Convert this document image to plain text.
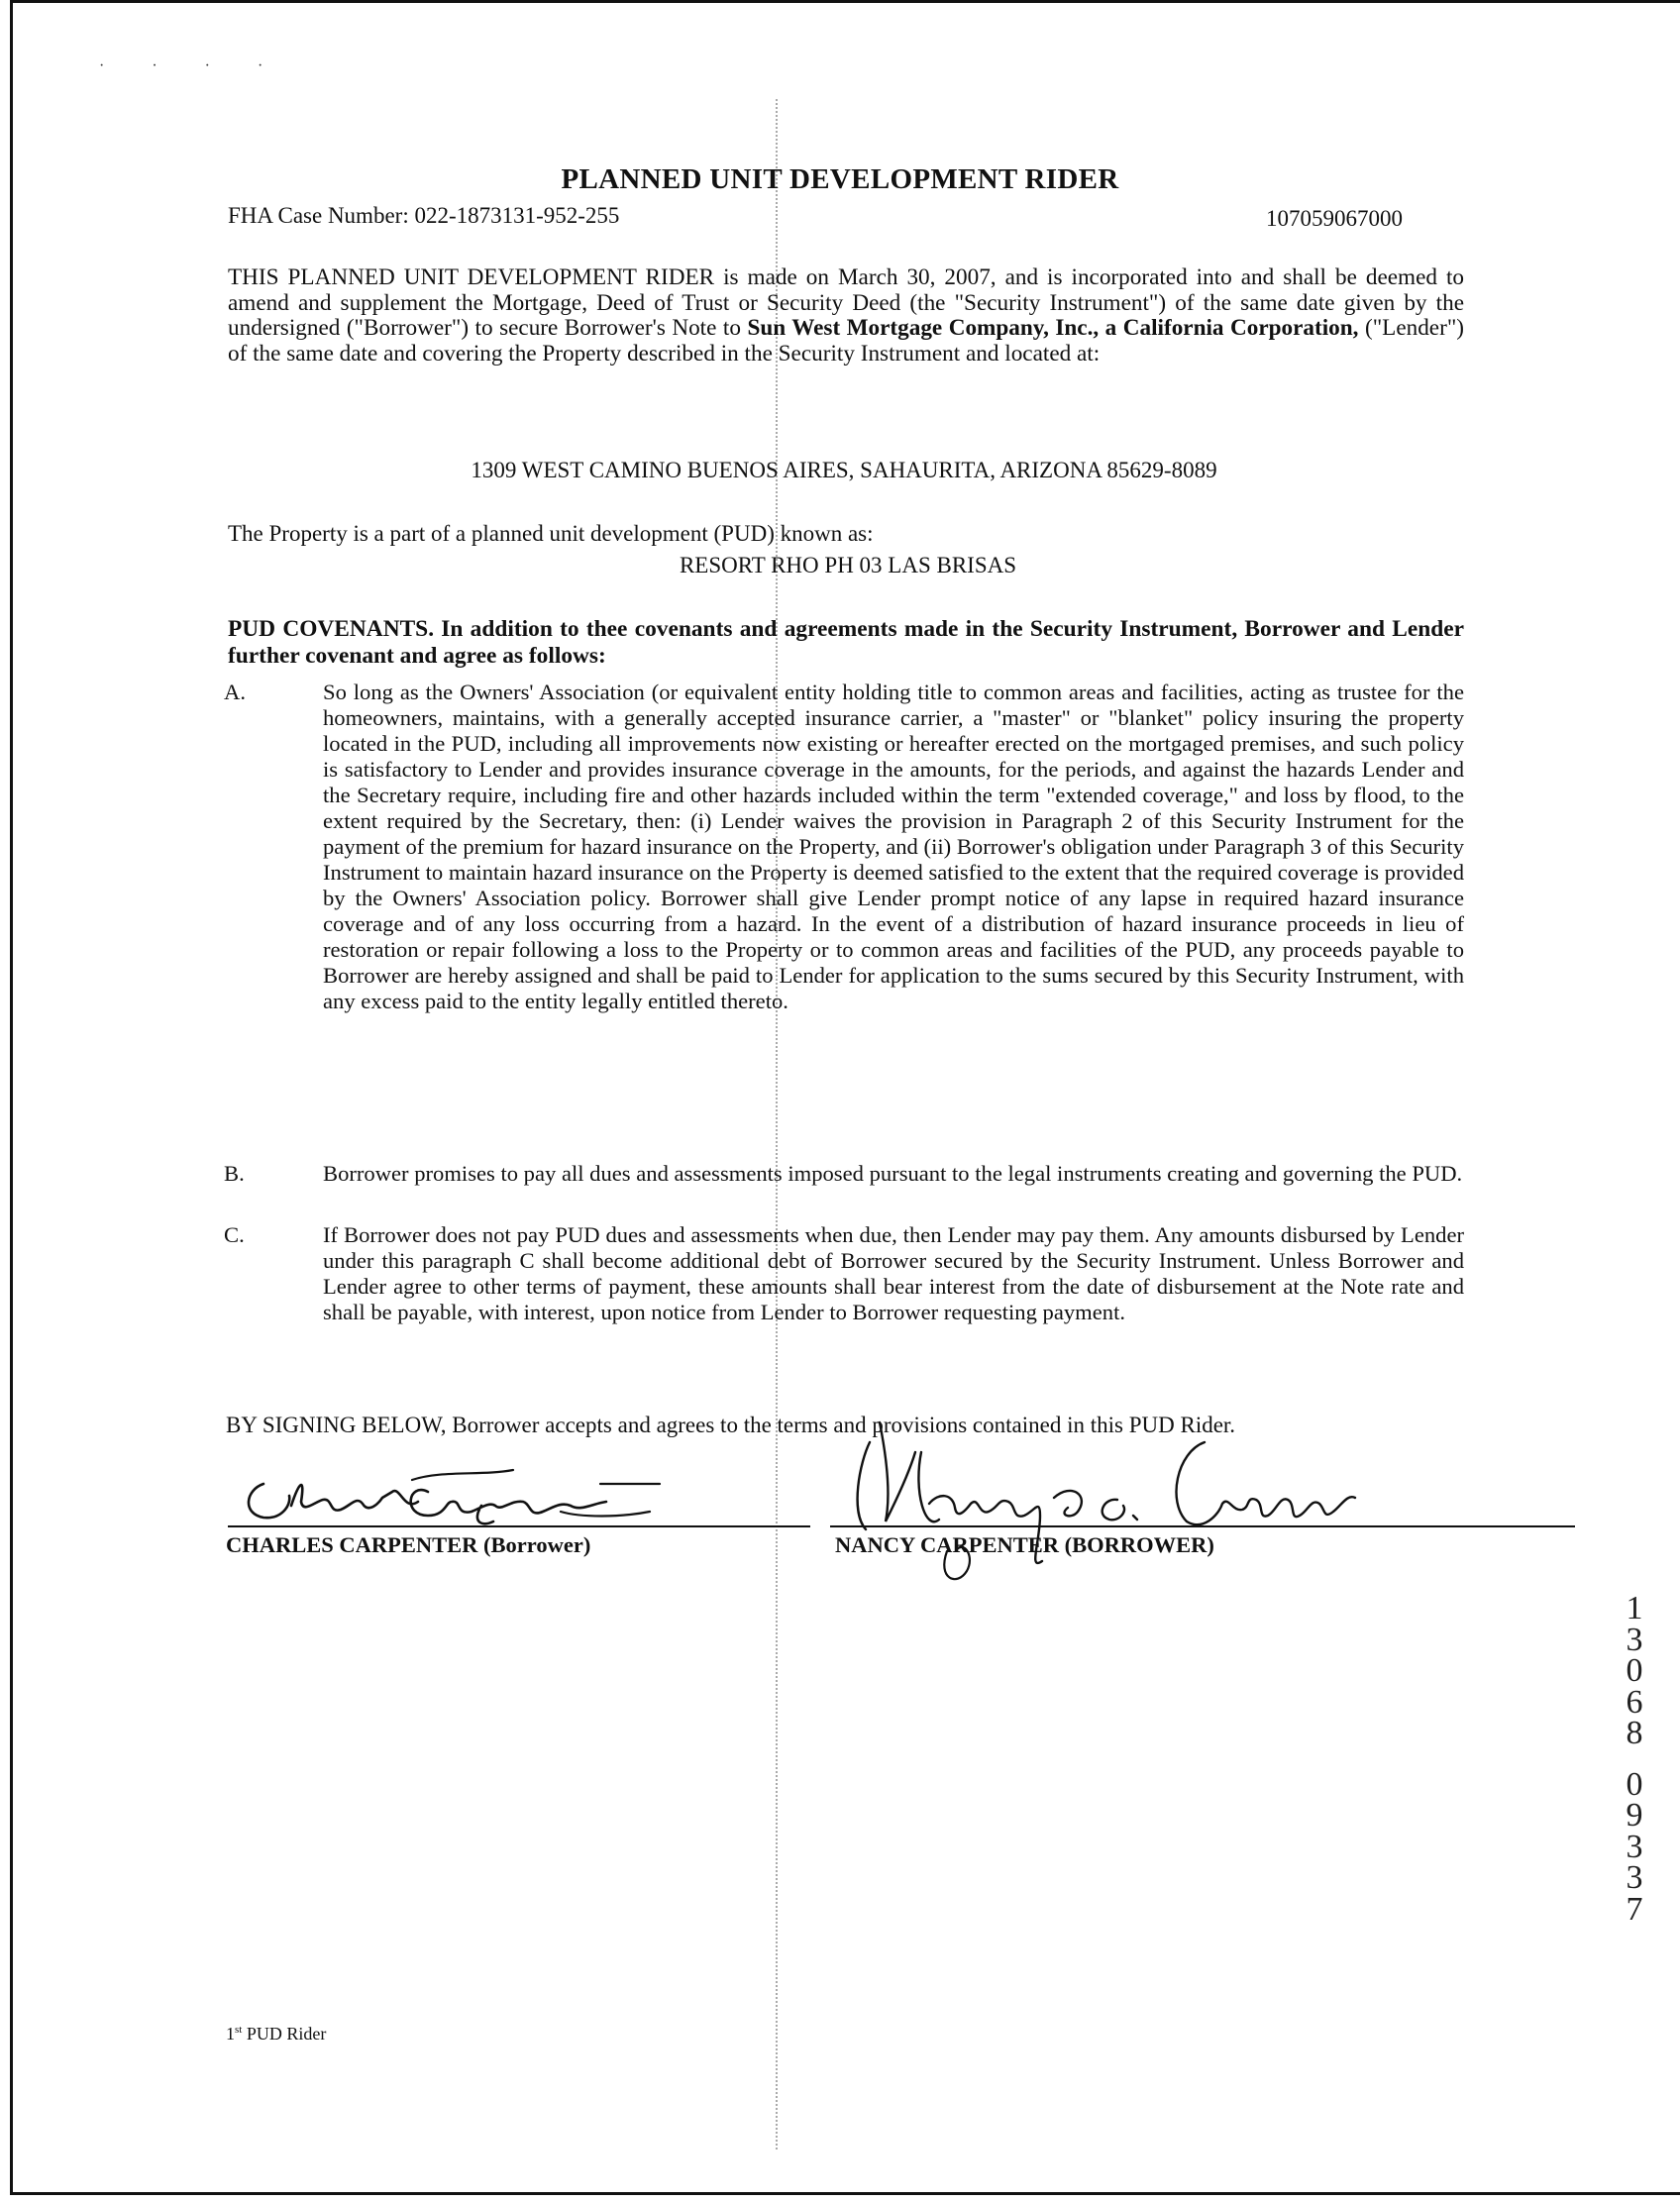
· · · ·
PLANNED UNIT DEVELOPMENT RIDER
FHA Case Number: 022-1873131-952-255	107059067000
THIS PLANNED UNIT DEVELOPMENT RIDER is made on March 30, 2007, and is incorporated into and shall be deemed to amend and supplement the Mortgage, Deed of Trust or Security Deed (the "Security Instrument") of the same date given by the undersigned ("Borrower") to secure Borrower's Note to Sun West Mortgage Company, Inc., a California Corporation, ("Lender") of the same date and covering the Property described in the Security Instrument and located at:
1309 WEST CAMINO BUENOS AIRES, SAHAURITA, ARIZONA 85629-8089
The Property is a part of a planned unit development (PUD) known as:
RESORT RHO PH 03 LAS BRISAS
PUD COVENANTS. In addition to thee covenants and agreements made in the Security Instrument, Borrower and Lender further covenant and agree as follows:
A.	So long as the Owners' Association (or equivalent entity holding title to common areas and facilities, acting as trustee for the homeowners, maintains, with a generally accepted insurance carrier, a "master" or "blanket" policy insuring the property located in the PUD, including all improvements now existing or hereafter erected on the mortgaged premises, and such policy is satisfactory to Lender and provides insurance coverage in the amounts, for the periods, and against the hazards Lender and the Secretary require, including fire and other hazards included within the term "extended coverage," and loss by flood, to the extent required by the Secretary, then: (i) Lender waives the provision in Paragraph 2 of this Security Instrument for the payment of the premium for hazard insurance on the Property, and (ii) Borrower's obligation under Paragraph 3 of this Security Instrument to maintain hazard insurance on the Property is deemed satisfied to the extent that the required coverage is provided by the Owners' Association policy. Borrower shall give Lender prompt notice of any lapse in required hazard insurance coverage and of any loss occurring from a hazard. In the event of a distribution of hazard insurance proceeds in lieu of restoration or repair following a loss to the Property or to common areas and facilities of the PUD, any proceeds payable to Borrower are hereby assigned and shall be paid to Lender for application to the sums secured by this Security Instrument, with any excess paid to the entity legally entitled thereto.
B.	Borrower promises to pay all dues and assessments imposed pursuant to the legal instruments creating and governing the PUD.
C.	If Borrower does not pay PUD dues and assessments when due, then Lender may pay them. Any amounts disbursed by Lender under this paragraph C shall become additional debt of Borrower secured by the Security Instrument. Unless Borrower and Lender agree to other terms of payment, these amounts shall bear interest from the date of disbursement at the Note rate and shall be payable, with interest, upon notice from Lender to Borrower requesting payment.
BY SIGNING BELOW, Borrower accepts and agrees to the terms and provisions contained in this PUD Rider.
CHARLES CARPENTER (Borrower)	NANCY CARPENTER (BORROWER)
1
3
0
6
8
0
9
3
3
7
1st PUD Rider
